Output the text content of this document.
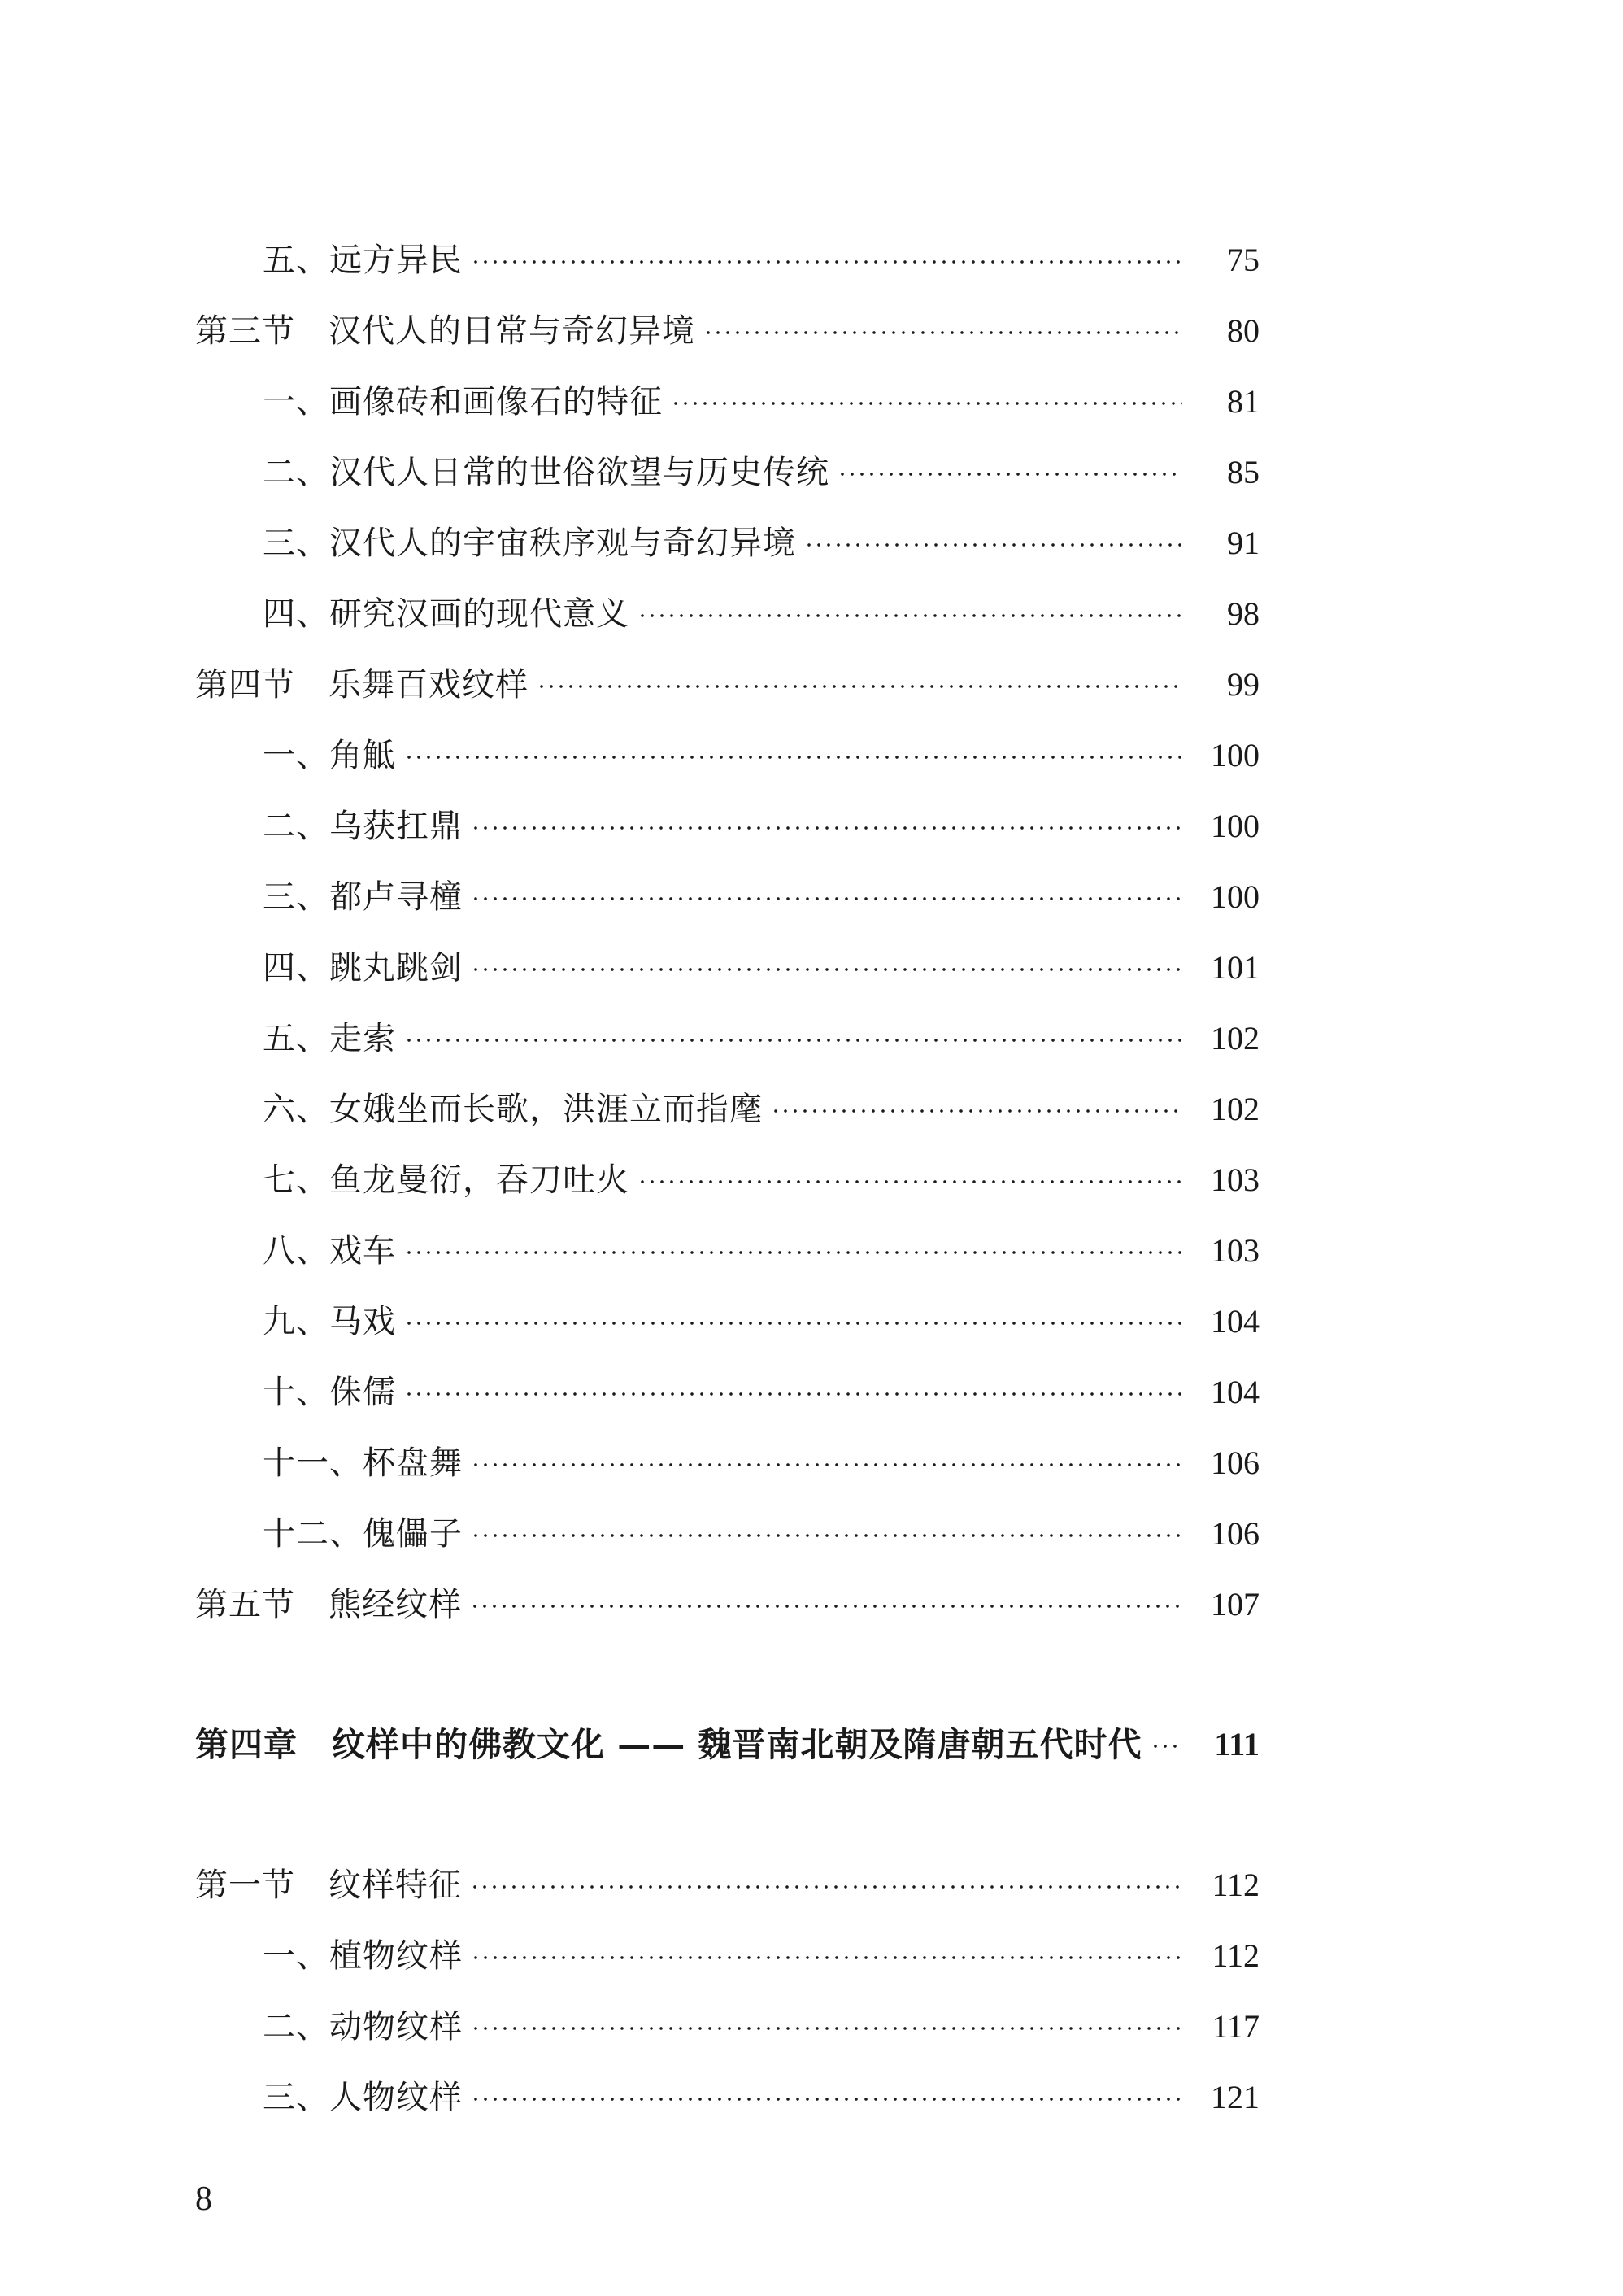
五、远方异民	75
第三节　汉代人的日常与奇幻异境	80
一、画像砖和画像石的特征	81
二、汉代人日常的世俗欲望与历史传统	85
三、汉代人的宇宙秩序观与奇幻异境	91
四、研究汉画的现代意义	98
第四节　乐舞百戏纹样	99
一、角觝	100
二、乌获扛鼎	100
三、都卢寻橦	100
四、跳丸跳剑	101
五、走索	102
六、女娥坐而长歌，洪涯立而指麾	102
七、鱼龙曼衍，吞刀吐火	103
八、戏车	103
九、马戏	104
十、侏儒	104
十一、杯盘舞	106
十二、傀儡子	106
第五节　熊经纹样	107
第四章　纹样中的佛教文化 —— 魏晋南北朝及隋唐朝五代时代 111
第一节　纹样特征	112
一、植物纹样	112
二、动物纹样	117
三、人物纹样	121
8
